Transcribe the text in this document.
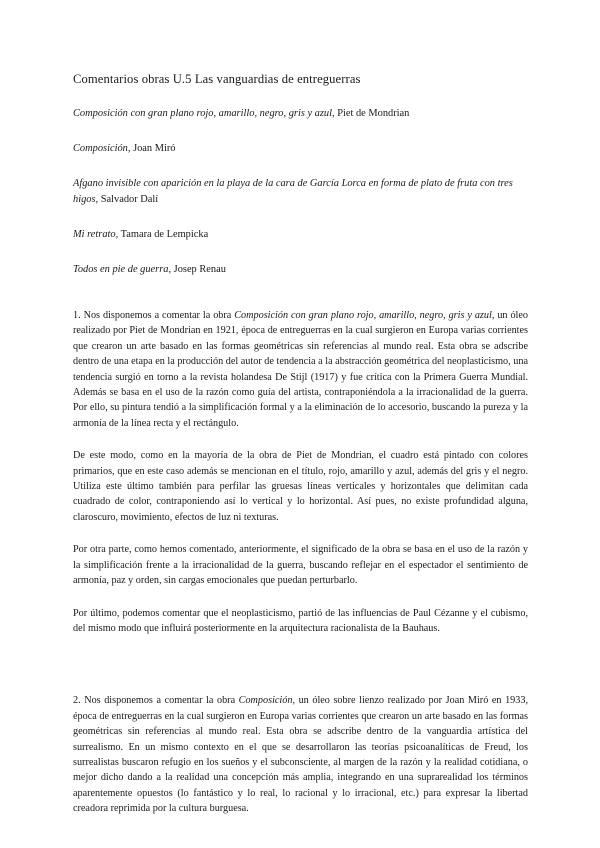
Comentarios obras U.5 Las vanguardias de entreguerras
Composición con gran plano rojo, amarillo, negro, gris y azul, Piet de Mondrian
Composición, Joan Miró
Afgano invisible con aparición en la playa de la cara de García Lorca en forma de plato de fruta con tres higos, Salvador Dalí
Mi retrato, Tamara de Lempicka
Todos en pie de guerra, Josep Renau

1. Nos disponemos a comentar la obra Composición con gran plano rojo, amarillo, negro, gris y azul, un óleo realizado por Piet de Mondrian en 1921, época de entreguerras en la cual surgieron en Europa varias corrientes que crearon un arte basado en las formas geométricas sin referencias al mundo real. Esta obra se adscribe dentro de una etapa en la producción del autor de tendencia a la abstracción geométrica del neoplasticismo, una tendencia surgió en torno a la revista holandesa De Stijl (1917) y fue crítica con la Primera Guerra Mundial. Además se basa en el uso de la razón como guía del artista, contraponiéndola a la irracionalidad de la guerra. Por ello, su pintura tendió a la simplificación formal y a la eliminación de lo accesorio, buscando la pureza y la armonía de la línea recta y el rectángulo.

De este modo, como en la mayoría de la obra de Piet de Mondrian, el cuadro está pintado con colores primarios, que en este caso además se mencionan en el título, rojo, amarillo y azul, además del gris y el negro. Utiliza este último también para perfilar las gruesas líneas verticales y horizontales que delimitan cada cuadrado de color, contraponiendo así lo vertical y lo horizontal. Así pues, no existe profundidad alguna, claroscuro, movimiento, efectos de luz ni texturas.

Por otra parte, como hemos comentado, anteriormente, el significado de la obra se basa en el uso de la razón y la simplificación frente a la irracionalidad de la guerra, buscando reflejar en el espectador el sentimiento de armonía, paz y orden, sin cargas emocionales que puedan perturbarlo.

Por último, podemos comentar que el neoplasticismo, partió de las influencias de Paul Cézanne y el cubismo, del mismo modo que influirá posteriormente en la arquitectura racionalista de la Bauhaus.

2. Nos disponemos a comentar la obra Composición, un óleo sobre lienzo realizado por Joan Miró en 1933, época de entreguerras en la cual surgieron en Europa varias corrientes que crearon un arte basado en las formas geométricas sin referencias al mundo real. Esta obra se adscribe dentro de la vanguardia artística del surrealismo. En un mismo contexto en el que se desarrollaron las teorías psicoanalíticas de Freud, los surrealistas buscaron refugio en los sueños y el subconsciente, al margen de la razón y la realidad cotidiana, o mejor dicho dando a la realidad una concepción más amplia, integrando en una suprarealidad los términos aparentemente opuestos (lo fantástico y lo real, lo racional y lo irracional, etc.) para expresar la libertad creadora reprimida por la cultura burguesa.
